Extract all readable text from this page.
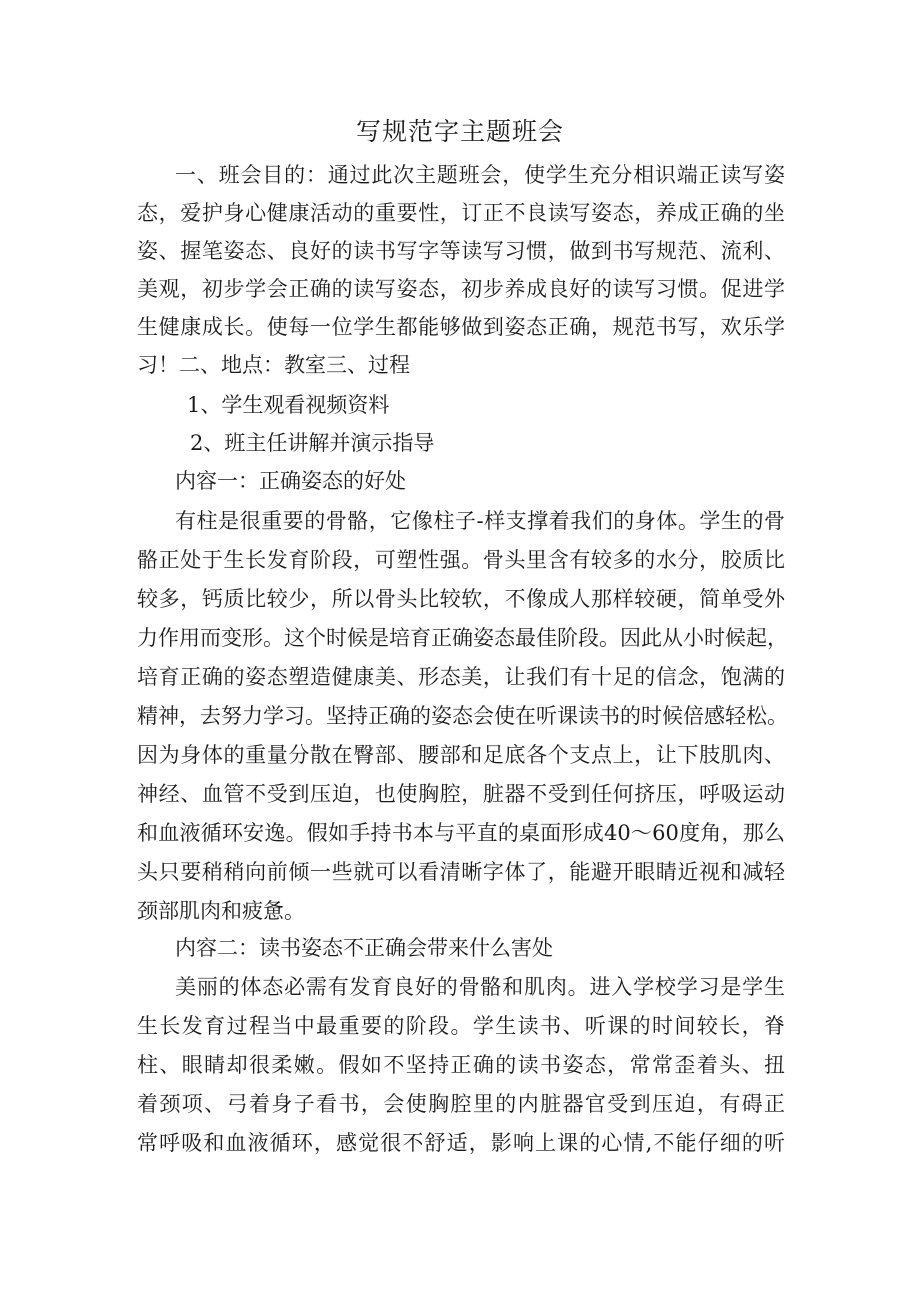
写规范字主题班会
一、班会目的：通过此次主题班会，使学生充分相识端正读写姿
态，爱护身心健康活动的重要性，订正不良读写姿态，养成正确的坐
姿、握笔姿态、良好的读书写字等读写习惯，做到书写规范、流利、
美观，初步学会正确的读写姿态，初步养成良好的读写习惯。促进学
生健康成长。使每一位学生都能够做到姿态正确，规范书写，欢乐学
习！二、地点：教室三、过程
1、学生观看视频资料
2、班主任讲解并演示指导
内容一：正确姿态的好处
有柱是很重要的骨骼，它像柱子-样支撑着我们的身体。学生的骨
骼正处于生长发育阶段，可塑性强。骨头里含有较多的水分，胶质比
较多，钙质比较少，所以骨头比较软，不像成人那样较硬，简单受外
力作用而变形。这个时候是培育正确姿态最佳阶段。因此从小时候起，
培育正确的姿态塑造健康美、形态美，让我们有十足的信念，饱满的
精神，去努力学习。坚持正确的姿态会使在听课读书的时候倍感轻松。
因为身体的重量分散在臀部、腰部和足底各个支点上，让下肢肌肉、
神经、血管不受到压迫，也使胸腔，脏器不受到任何挤压，呼吸运动
和血液循环安逸。假如手持书本与平直的桌面形成40〜60度角，那么
头只要稍稍向前倾一些就可以看清晰字体了，能避开眼睛近视和减轻
颈部肌肉和疲惫。
内容二：读书姿态不正确会带来什么害处
美丽的体态必需有发育良好的骨骼和肌肉。进入学校学习是学生
生长发育过程当中最重要的阶段。学生读书、听课的时间较长，脊
柱、眼睛却很柔嫩。假如不坚持正确的读书姿态，常常歪着头、扭
着颈项、弓着身子看书，会使胸腔里的内脏器官受到压迫，有碍正
常呼吸和血液循环，感觉很不舒适，影响上课的心情,不能仔细的听
